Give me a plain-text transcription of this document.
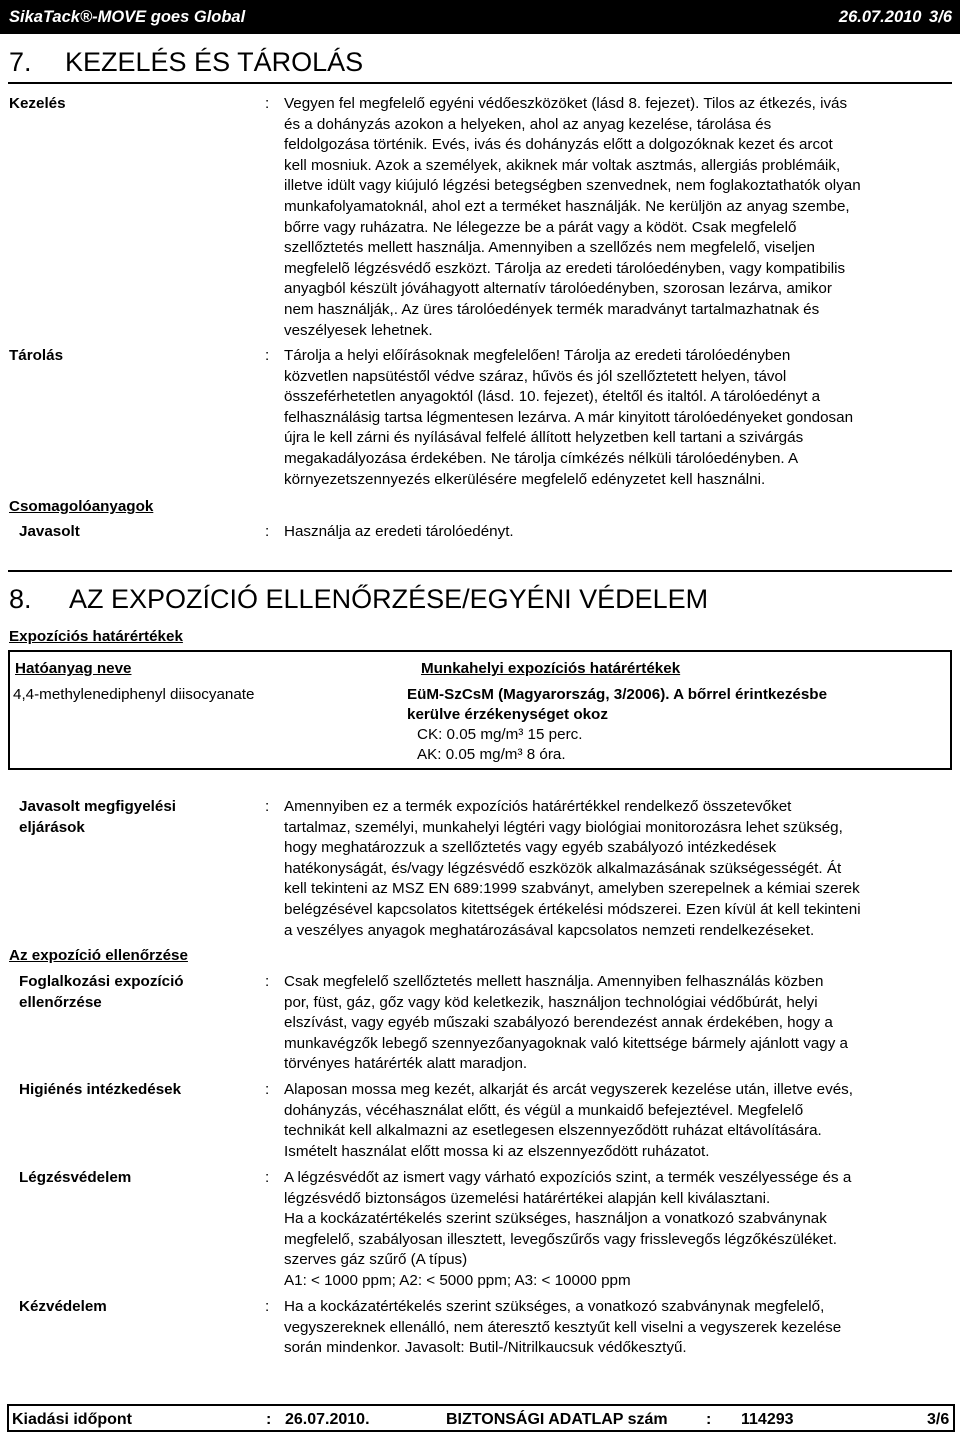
SikaTack®-MOVE goes Global	26.07.2010 3/6
7. KEZELÉS ÉS TÁROLÁS
Kezelés	: Vegyen fel megfelelő egyéni védőeszközöket (lásd 8. fejezet). Tilos az étkezés, ivás
és a dohányzás azokon a helyeken, ahol az anyag kezelése, tárolása és
feldolgozása történik. Evés, ivás és dohányzás előtt a dolgozóknak kezet és arcot
kell mosniuk. Azok a személyek, akiknek már voltak asztmás, allergiás problémáik,
illetve idült vagy kiújuló légzési betegségben szenvednek, nem foglakoztathatók olyan
munkafolyamatoknál, ahol ezt a terméket használják. Ne kerüljön az anyag szembe,
bőrre vagy ruházatra. Ne lélegezze be a párát vagy a ködöt. Csak megfelelő
szellőztetés mellett használja. Amennyiben a szellőzés nem megfelelő, viseljen
megfelelõ légzésvédő eszközt. Tárolja az eredeti tárolóedényben, vagy kompatibilis
anyagból készült jóváhagyott alternatív tárolóedényben, szorosan lezárva, amikor
nem használják,. Az üres tárolóedények termék maradványt tartalmazhatnak és
veszélyesek lehetnek.
Tárolás	: Tárolja a helyi előírásoknak megfelelően! Tárolja az eredeti tárolóedényben
közvetlen napsütéstől védve száraz, hűvös és jól szellőztetett helyen, távol
összeférhetetlen anyagoktól (lásd. 10. fejezet), ételtől és italtól. A tárolóedényt a
felhasználásig tartsa légmentesen lezárva. A már kinyitott tárolóedényeket gondosan
újra le kell zárni és nyílásával felfelé állított helyzetben kell tartani a szivárgás
megakadályozása érdekében. Ne tárolja címkézés nélküli tárolóedényben. A
környezetszennyezés elkerülésére megfelelő edényzetet kell használni.
Csomagolóanyagok
Javasolt	: Használja az eredeti tárolóedényt.
8. AZ EXPOZÍCIÓ ELLENŐRZÉSE/EGYÉNI VÉDELEM
Expozíciós határértékek
Hatóanyag neve	Munkahelyi expozíciós határértékek
4,4-methylenediphenyl diisocyanate	EüM-SzCsM (Magyarország, 3/2006). A bőrrel érintkezésbe
kerülve érzékenységet okoz
CK: 0.05 mg/m³ 15 perc.
AK: 0.05 mg/m³ 8 óra.
Javasolt megfigyelési
eljárások
: Amennyiben ez a termék expozíciós határértékkel rendelkező összetevőket
tartalmaz, személyi, munkahelyi légtéri vagy biológiai monitorozásra lehet szükség,
hogy meghatározzuk a szellőztetés vagy egyéb szabályozó intézkedések
hatékonyságát, és/vagy légzésvédő eszközök alkalmazásának szükségességét. Át
kell tekinteni az MSZ EN 689:1999 szabványt, amelyben szerepelnek a kémiai szerek
belégzésével kapcsolatos kitettségek értékelési módszerei. Ezen kívül át kell tekinteni
a veszélyes anyagok meghatározásával kapcsolatos nemzeti rendelkezéseket.
Az expozíció ellenőrzése
Foglalkozási expozíció
ellenőrzése
: Csak megfelelő szellőztetés mellett használja. Amennyiben felhasználás közben
por, füst, gáz, gőz vagy köd keletkezik, használjon technológiai védőbúrát, helyi
elszívást, vagy egyéb műszaki szabályozó berendezést annak érdekében, hogy a
munkavégzők lebegő szennyezőanyagoknak való kitettsége bármely ajánlott vagy a
törvényes határérték alatt maradjon.
Higiénés intézkedések	: Alaposan mossa meg kezét, alkarját és arcát vegyszerek kezelése után, illetve evés,
dohányzás, vécéhasználat előtt, és végül a munkaidő befejeztével. Megfelelő
technikát kell alkalmazni az esetlegesen elszennyeződött ruházat eltávolítására.
Ismételt használat előtt mossa ki az elszennyeződött ruházatot.
Légzésvédelem	: A légzésvédőt az ismert vagy várható expozíciós szint, a termék veszélyessége és a
légzésvédő biztonságos üzemelési határértékei alapján kell kiválasztani.
Ha a kockázatértékelés szerint szükséges, használjon a vonatkozó szabványnak
megfelelő, szabályosan illesztett, levegőszűrős vagy frisslevegős légzőkészüléket.
szerves gáz szűrő (A típus)
A1: < 1000 ppm; A2: < 5000 ppm; A3: < 10000 ppm
Kézvédelem	: Ha a kockázatértékelés szerint szükséges, a vonatkozó szabványnak megfelelő,
vegyszereknek ellenálló, nem áteresztő kesztyűt kell viselni a vegyszerek kezelése
során mindenkor. Javasolt: Butil-/Nitrilkaucsuk védőkesztyű.
Kiadási időpont	: 26.07.2010.	BIZTONSÁGI ADATLAP szám : 114293	3/6
